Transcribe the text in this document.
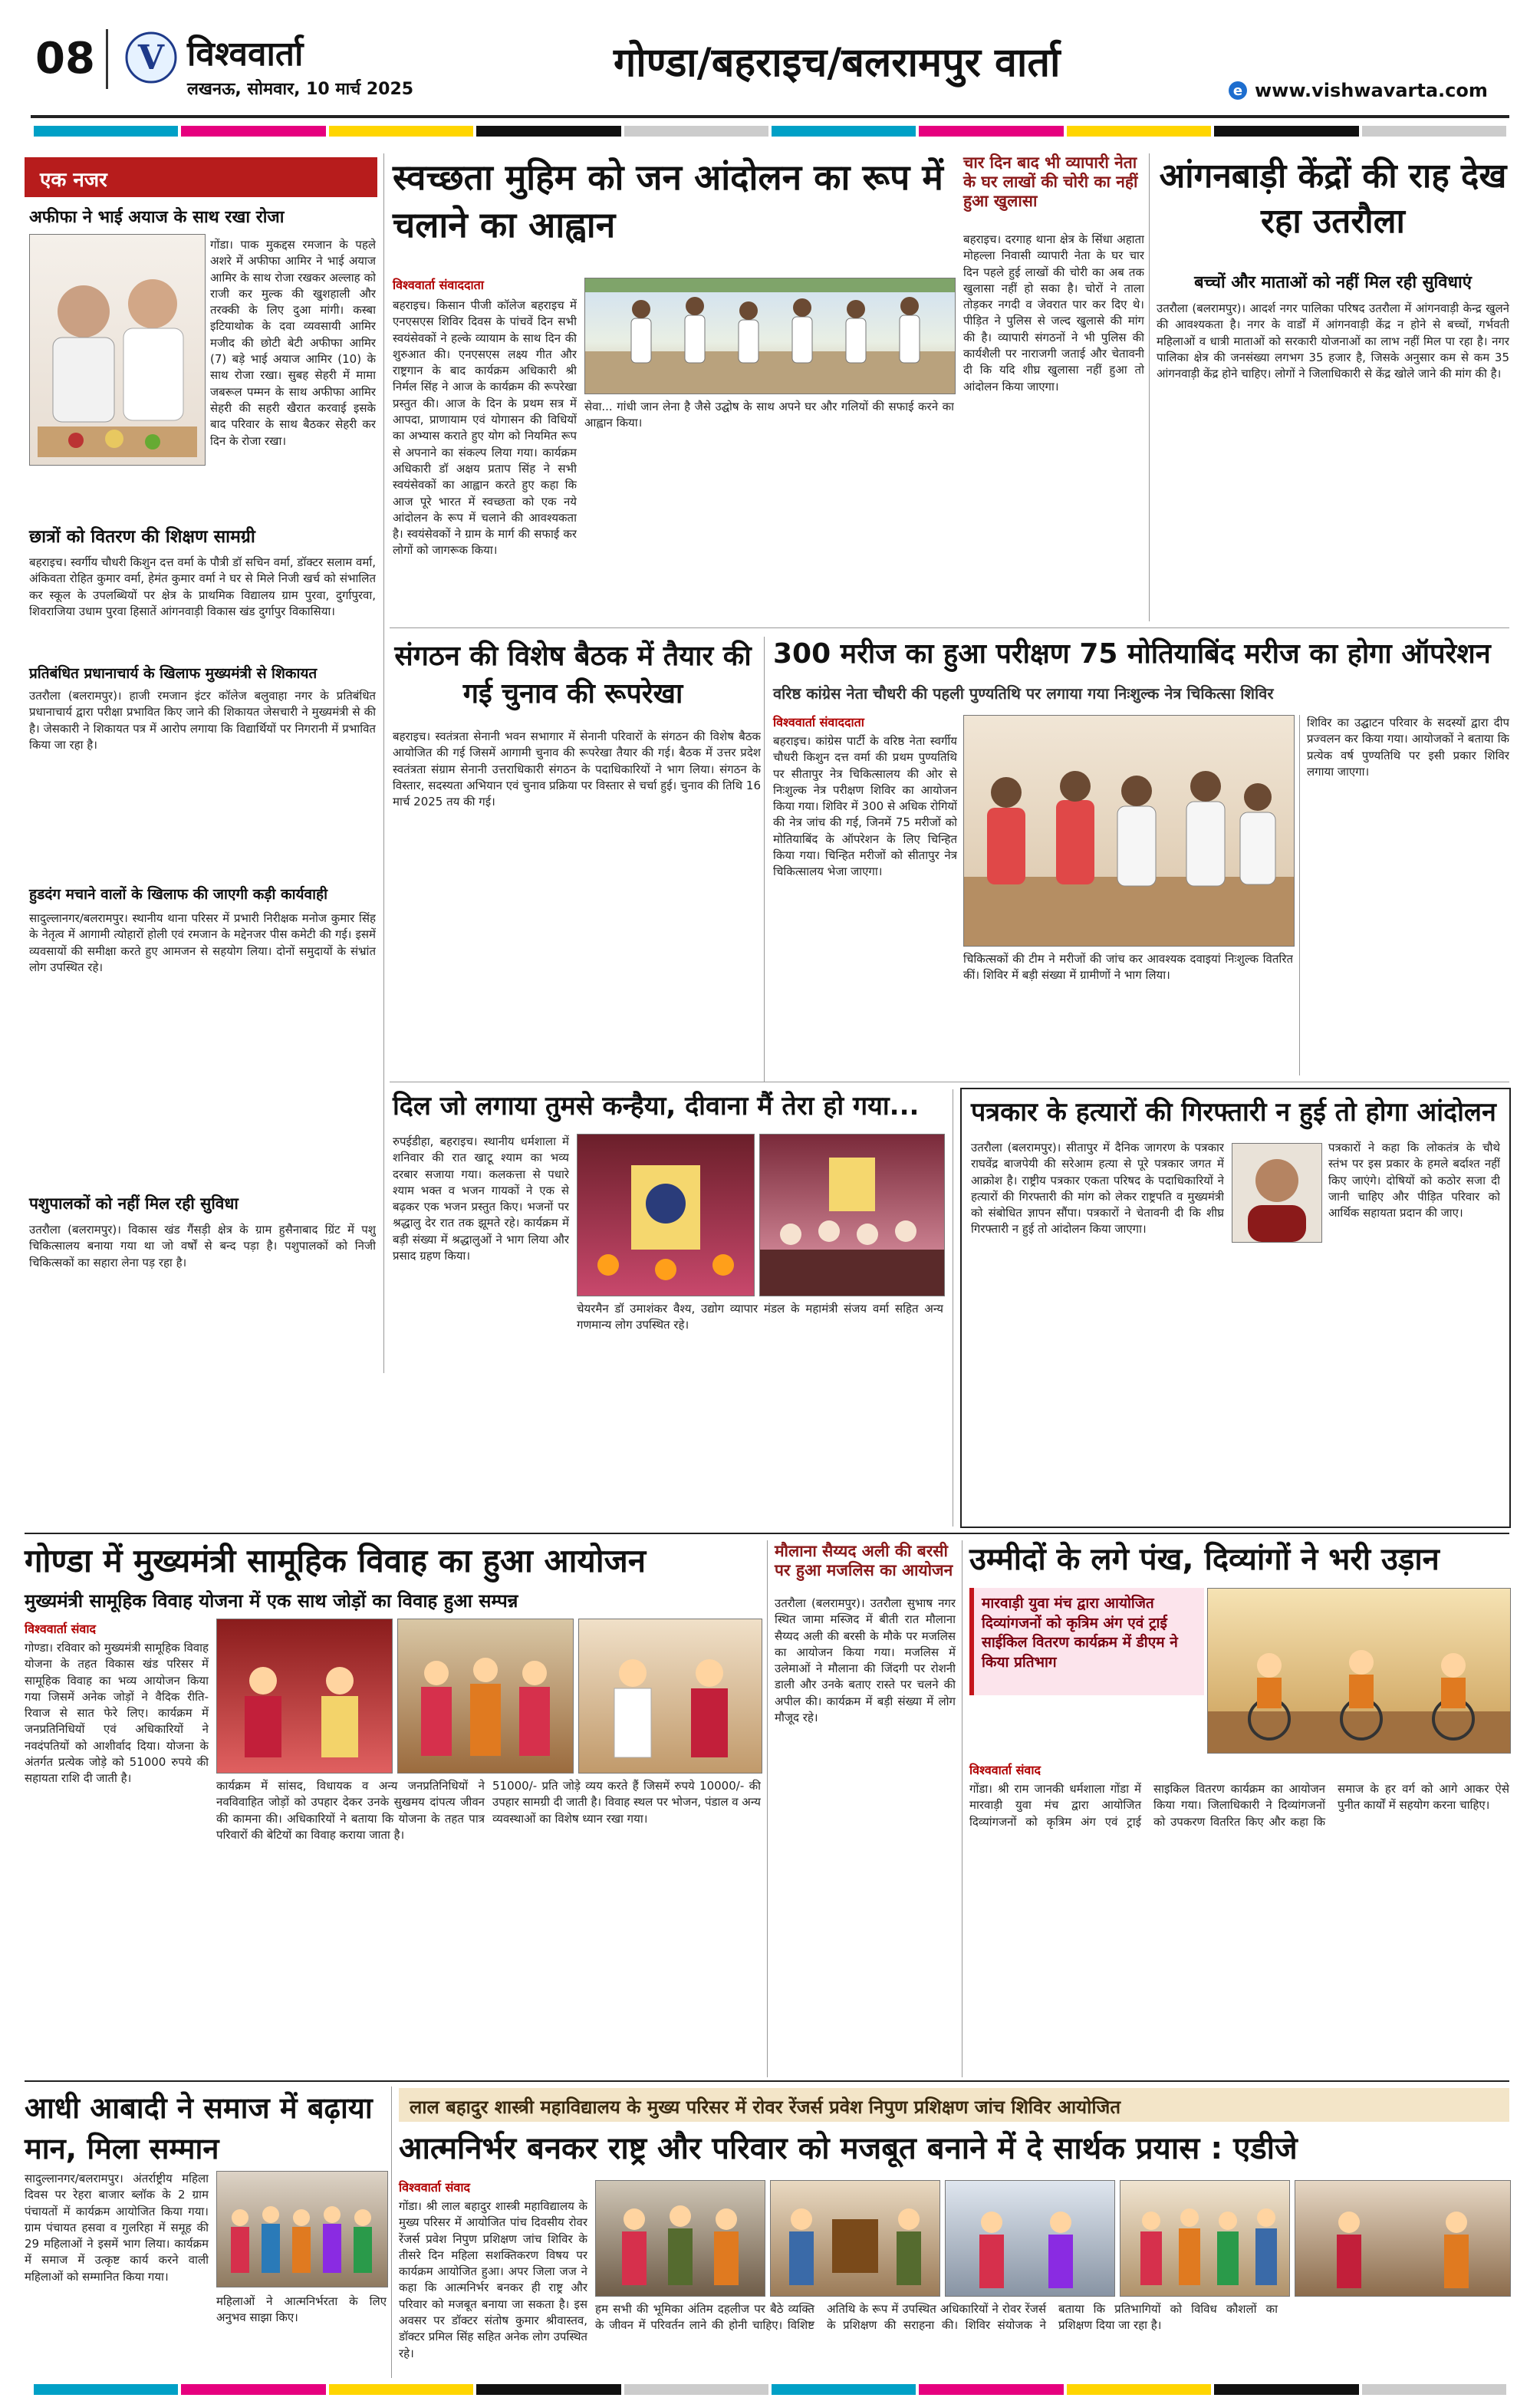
08 V विश्ववार्ता
लखनऊ, सोमवार, 10 मार्च 2025
गोण्डा/बहराइच/बलरामपुर वार्ता
e www.vishwavarta.com
एक नजर
अफीफा ने भाई अयाज के साथ रखा रोजा
गोंडा। पाक मुकद्दस रमजान के पहले अशरे में अफीफा आमिर ने भाई अयाज आमिर के साथ रोजा रखकर अल्लाह को राजी कर मुल्क की खुशहाली और तरक्की के लिए दुआ मांगी। कस्बा इटियाथोक के दवा व्यवसायी आमिर मजीद की छोटी बेटी अफीफा आमिर (7) बड़े भाई अयाज आमिर (10) के साथ रोजा रखा। सुबह सेहरी में मामा जबरूल पम्मन के साथ अफीफा आमिर सेहरी की सहरी खैरात करवाई इसके बाद परिवार के साथ बैठकर सेहरी कर दिन के रोजा रखा।
छात्रों को वितरण की शिक्षण सामग्री
बहराइच। स्वर्गीय चौधरी किशुन दत्त वर्मा के पौत्री डॉ सचिन वर्मा, डॉक्टर सलाम वर्मा, अंकिवता रोहित कुमार वर्मा, हेमंत कुमार वर्मा ने घर से मिले निजी खर्च को संभालित कर स्कूल के उपलब्धियों पर क्षेत्र के प्राथमिक विद्यालय ग्राम पुरवा, दुर्गापुरवा, शिवराजिया उधाम पुरवा हिसातें आंगनवाड़ी विकास खंड दुर्गापुर विकासिया।
प्रतिबंधित प्रधानाचार्य के खिलाफ मुख्यमंत्री से शिकायत
उतरौला (बलरामपुर)। हाजी रमजान इंटर कॉलेज बलुवाहा नगर के प्रतिबंधित प्रधानाचार्य द्वारा परीक्षा प्रभावित किए जाने की शिकायत जेसचारी ने मुख्यमंत्री से की है। जेसकारी ने शिकायत पत्र में आरोप लगाया कि विद्यार्थियों पर निगरानी में प्रभावित किया जा रहा है।
हुडदंग मचाने वालों के खिलाफ की जाएगी कड़ी कार्यवाही
सादुल्लानगर/बलरामपुर। स्थानीय थाना परिसर में प्रभारी निरीक्षक मनोज कुमार सिंह के नेतृत्व में आगामी त्योहारों होली एवं रमजान के मद्देनजर पीस कमेटी की गई। इसमें व्यवसायों की समीक्षा करते हुए आमजन से सहयोग लिया। दोनों समुदायों के संभ्रांत लोग उपस्थित रहे।
पशुपालकों को नहीं मिल रही सुविधा
उतरौला (बलरामपुर)। विकास खंड गैंसड़ी क्षेत्र के ग्राम हुसैनाबाद ग्रिंट में पशु चिकित्सालय बनाया गया था जो वर्षों से बन्द पड़ा है। पशुपालकों को निजी चिकित्सकों का सहारा लेना पड़ रहा है।
स्वच्छता मुहिम को जन आंदोलन का रूप में चलाने का आह्वान
विश्ववार्ता संवाददाता
बहराइच। किसान पीजी कॉलेज बहराइच में एनएसएस शिविर दिवस के पांचवें दिन सभी स्वयंसेवकों ने हल्के व्यायाम के साथ दिन की शुरुआत की। एनएसएस लक्ष्य गीत और राष्ट्रगान के बाद कार्यक्रम अधिकारी श्री निर्मल सिंह ने आज के कार्यक्रम की रूपरेखा प्रस्तुत की। आज के दिन के प्रथम सत्र में आपदा, प्राणायाम एवं योगासन की विधियों का अभ्यास कराते हुए योग को नियमित रूप से अपनाने का संकल्प लिया गया। कार्यक्रम अधिकारी डॉ अक्षय प्रताप सिंह ने सभी स्वयंसेवकों का आह्वान करते हुए कहा कि आज पूरे भारत में स्वच्छता को एक नये आंदोलन के रूप में चलाने की आवश्यकता है। स्वयंसेवकों ने ग्राम के मार्ग की सफाई कर लोगों को जागरूक किया।
सेवा... गांधी जान लेना है जैसे उद्घोष के साथ अपने घर और गलियों की सफाई करने का आह्वान किया।
चार दिन बाद भी व्यापारी नेता के घर लाखों की चोरी का नहीं हुआ खुलासा
बहराइच। दरगाह थाना क्षेत्र के सिंधा अहाता मोहल्ला निवासी व्यापारी नेता के घर चार दिन पहले हुई लाखों की चोरी का अब तक खुलासा नहीं हो सका है। चोरों ने ताला तोड़कर नगदी व जेवरात पार कर दिए थे। पीड़ित ने पुलिस से जल्द खुलासे की मांग की है। व्यापारी संगठनों ने भी पुलिस की कार्यशैली पर नाराजगी जताई और चेतावनी दी कि यदि शीघ्र खुलासा नहीं हुआ तो आंदोलन किया जाएगा।
आंगनबाड़ी केंद्रों की राह देख रहा उतरौला
बच्चों और माताओं को नहीं मिल रही सुविधाएं
उतरौला (बलरामपुर)। आदर्श नगर पालिका परिषद उतरौला में आंगनवाड़ी केन्द्र खुलने की आवश्यकता है। नगर के वार्डों में आंगनवाड़ी केंद्र न होने से बच्चों, गर्भवती महिलाओं व धात्री माताओं को सरकारी योजनाओं का लाभ नहीं मिल पा रहा है। नगर पालिका क्षेत्र की जनसंख्या लगभग 35 हजार है, जिसके अनुसार कम से कम 35 आंगनवाड़ी केंद्र होने चाहिए। लोगों ने जिलाधिकारी से केंद्र खोले जाने की मांग की है।
संगठन की विशेष बैठक में तैयार की गई चुनाव की रूपरेखा
बहराइच। स्वतंत्रता सेनानी भवन सभागार में सेनानी परिवारों के संगठन की विशेष बैठक आयोजित की गई जिसमें आगामी चुनाव की रूपरेखा तैयार की गई। बैठक में उत्तर प्रदेश स्वतंत्रता संग्राम सेनानी उत्तराधिकारी संगठन के पदाधिकारियों ने भाग लिया। संगठन के विस्तार, सदस्यता अभियान एवं चुनाव प्रक्रिया पर विस्तार से चर्चा हुई। चुनाव की तिथि 16 मार्च 2025 तय की गई।
300 मरीज का हुआ परीक्षण 75 मोतियाबिंद मरीज का होगा ऑपरेशन
वरिष्ठ कांग्रेस नेता चौधरी की पहली पुण्यतिथि पर लगाया गया निःशुल्क नेत्र चिकित्सा शिविर
विश्ववार्ता संवाददाता
बहराइच। कांग्रेस पार्टी के वरिष्ठ नेता स्वर्गीय चौधरी किशुन दत्त वर्मा की प्रथम पुण्यतिथि पर सीतापुर नेत्र चिकित्सालय की ओर से निःशुल्क नेत्र परीक्षण शिविर का आयोजन किया गया। शिविर में 300 से अधिक रोगियों की नेत्र जांच की गई, जिनमें 75 मरीजों को मोतियाबिंद के ऑपरेशन के लिए चिन्हित किया गया। चिन्हित मरीजों को सीतापुर नेत्र चिकित्सालय भेजा जाएगा।
चिकित्सकों की टीम ने मरीजों की जांच कर आवश्यक दवाइयां निःशुल्क वितरित कीं। शिविर में बड़ी संख्या में ग्रामीणों ने भाग लिया।
शिविर का उद्घाटन परिवार के सदस्यों द्वारा दीप प्रज्वलन कर किया गया। आयोजकों ने बताया कि प्रत्येक वर्ष पुण्यतिथि पर इसी प्रकार शिविर लगाया जाएगा।
दिल जो लगाया तुमसे कन्हैया, दीवाना मैं तेरा हो गया...
रुपईडीहा, बहराइच। स्थानीय धर्मशाला में शनिवार की रात खाटू श्याम का भव्य दरबार सजाया गया। कलकत्ता से पधारे श्याम भक्त व भजन गायकों ने एक से बढ़कर एक भजन प्रस्तुत किए। भजनों पर श्रद्धालु देर रात तक झूमते रहे। कार्यक्रम में बड़ी संख्या में श्रद्धालुओं ने भाग लिया और प्रसाद ग्रहण किया।
चेयरमैन डॉ उमाशंकर वैश्य, उद्योग व्यापार मंडल के महामंत्री संजय वर्मा सहित अन्य गणमान्य लोग उपस्थित रहे।
पत्रकार के हत्यारों की गिरफ्तारी न हुई तो होगा आंदोलन
उतरौला (बलरामपुर)। सीतापुर में दैनिक जागरण के पत्रकार राघवेंद्र बाजपेयी की सरेआम हत्या से पूरे पत्रकार जगत में आक्रोश है। राष्ट्रीय पत्रकार एकता परिषद के पदाधिकारियों ने हत्यारों की गिरफ्तारी की मांग को लेकर राष्ट्रपति व मुख्यमंत्री को संबोधित ज्ञापन सौंपा। पत्रकारों ने चेतावनी दी कि शीघ्र गिरफ्तारी न हुई तो आंदोलन किया जाएगा।
पत्रकारों ने कहा कि लोकतंत्र के चौथे स्तंभ पर इस प्रकार के हमले बर्दाश्त नहीं किए जाएंगे। दोषियों को कठोर सजा दी जानी चाहिए और पीड़ित परिवार को आर्थिक सहायता प्रदान की जाए।
गोण्डा में मुख्यमंत्री सामूहिक विवाह का हुआ आयोजन
मुख्यमंत्री सामूहिक विवाह योजना में एक साथ जोड़ों का विवाह हुआ सम्पन्न
विश्ववार्ता संवाद
गोण्डा। रविवार को मुख्यमंत्री सामूहिक विवाह योजना के तहत विकास खंड परिसर में सामूहिक विवाह का भव्य आयोजन किया गया जिसमें अनेक जोड़ों ने वैदिक रीति-रिवाज से सात फेरे लिए। कार्यक्रम में जनप्रतिनिधियों एवं अधिकारियों ने नवदंपतियों को आशीर्वाद दिया। योजना के अंतर्गत प्रत्येक जोड़े को 51000 रुपये की सहायता राशि दी जाती है।
कार्यक्रम में सांसद, विधायक व अन्य जनप्रतिनिधियों ने नवविवाहित जोड़ों को उपहार देकर उनके सुखमय दांपत्य जीवन की कामना की। अधिकारियों ने बताया कि योजना के तहत पात्र परिवारों की बेटियों का विवाह कराया जाता है।
51000/- प्रति जोड़े व्यय करते हैं जिसमें रुपये 10000/- की उपहार सामग्री दी जाती है। विवाह स्थल पर भोजन, पंडाल व अन्य व्यवस्थाओं का विशेष ध्यान रखा गया।
मौलाना सैय्यद अली की बरसी पर हुआ मजलिस का आयोजन
उतरौला (बलरामपुर)। उतरौला सुभाष नगर स्थित जामा मस्जिद में बीती रात मौलाना सैय्यद अली की बरसी के मौके पर मजलिस का आयोजन किया गया। मजलिस में उलेमाओं ने मौलाना की जिंदगी पर रोशनी डाली और उनके बताए रास्ते पर चलने की अपील की। कार्यक्रम में बड़ी संख्या में लोग मौजूद रहे।
उम्मीदों के लगे पंख, दिव्यांगों ने भरी उड़ान
मारवाड़ी युवा मंच द्वारा आयोजित दिव्यांगजनों को कृत्रिम अंग एवं ट्राई साईकिल वितरण कार्यक्रम में डीएम ने किया प्रतिभाग
विश्ववार्ता संवाद
गोंडा। श्री राम जानकी धर्मशाला गोंडा में मारवाड़ी युवा मंच द्वारा आयोजित दिव्यांगजनों को कृत्रिम अंग एवं ट्राई साइकिल वितरण कार्यक्रम का आयोजन किया गया। जिलाधिकारी ने दिव्यांगजनों को उपकरण वितरित किए और कहा कि समाज के हर वर्ग को आगे आकर ऐसे पुनीत कार्यों में सहयोग करना चाहिए।
आधी आबादी ने समाज में बढ़ाया मान, मिला सम्मान
सादुल्लानगर/बलरामपुर। अंतर्राष्ट्रीय महिला दिवस पर रेहरा बाजार ब्लॉक के 2 ग्राम पंचायतों में कार्यक्रम आयोजित किया गया। ग्राम पंचायत हसवा व गुलरिहा में समूह की 29 महिलाओं ने इसमें भाग लिया। कार्यक्रम में समाज में उत्कृष्ट कार्य करने वाली महिलाओं को सम्मानित किया गया।
महिलाओं ने आत्मनिर्भरता के लिए अनुभव साझा किए।
लाल बहादुर शास्त्री महाविद्यालय के मुख्य परिसर में रोवर रेंजर्स प्रवेश निपुण प्रशिक्षण जांच शिविर आयोजित
आत्मनिर्भर बनकर राष्ट्र और परिवार को मजबूत बनाने में दे सार्थक प्रयास : एडीजे
विश्ववार्ता संवाद
गोंडा। श्री लाल बहादुर शास्त्री महाविद्यालय के मुख्य परिसर में आयोजित पांच दिवसीय रोवर रेंजर्स प्रवेश निपुण प्रशिक्षण जांच शिविर के तीसरे दिन महिला सशक्तिकरण विषय पर कार्यक्रम आयोजित हुआ। अपर जिला जज ने कहा कि आत्मनिर्भर बनकर ही राष्ट्र और परिवार को मजबूत बनाया जा सकता है। इस अवसर पर डॉक्टर संतोष कुमार श्रीवास्तव, डॉक्टर प्रमिल सिंह सहित अनेक लोग उपस्थित रहे।
हम सभी की भूमिका अंतिम दहलीज पर बैठे व्यक्ति के जीवन में परिवर्तन लाने की होनी चाहिए। विशिष्ट अतिथि के रूप में उपस्थित अधिकारियों ने रोवर रेंजर्स के प्रशिक्षण की सराहना की। शिविर संयोजक ने बताया कि प्रतिभागियों को विविध कौशलों का प्रशिक्षण दिया जा रहा है।
